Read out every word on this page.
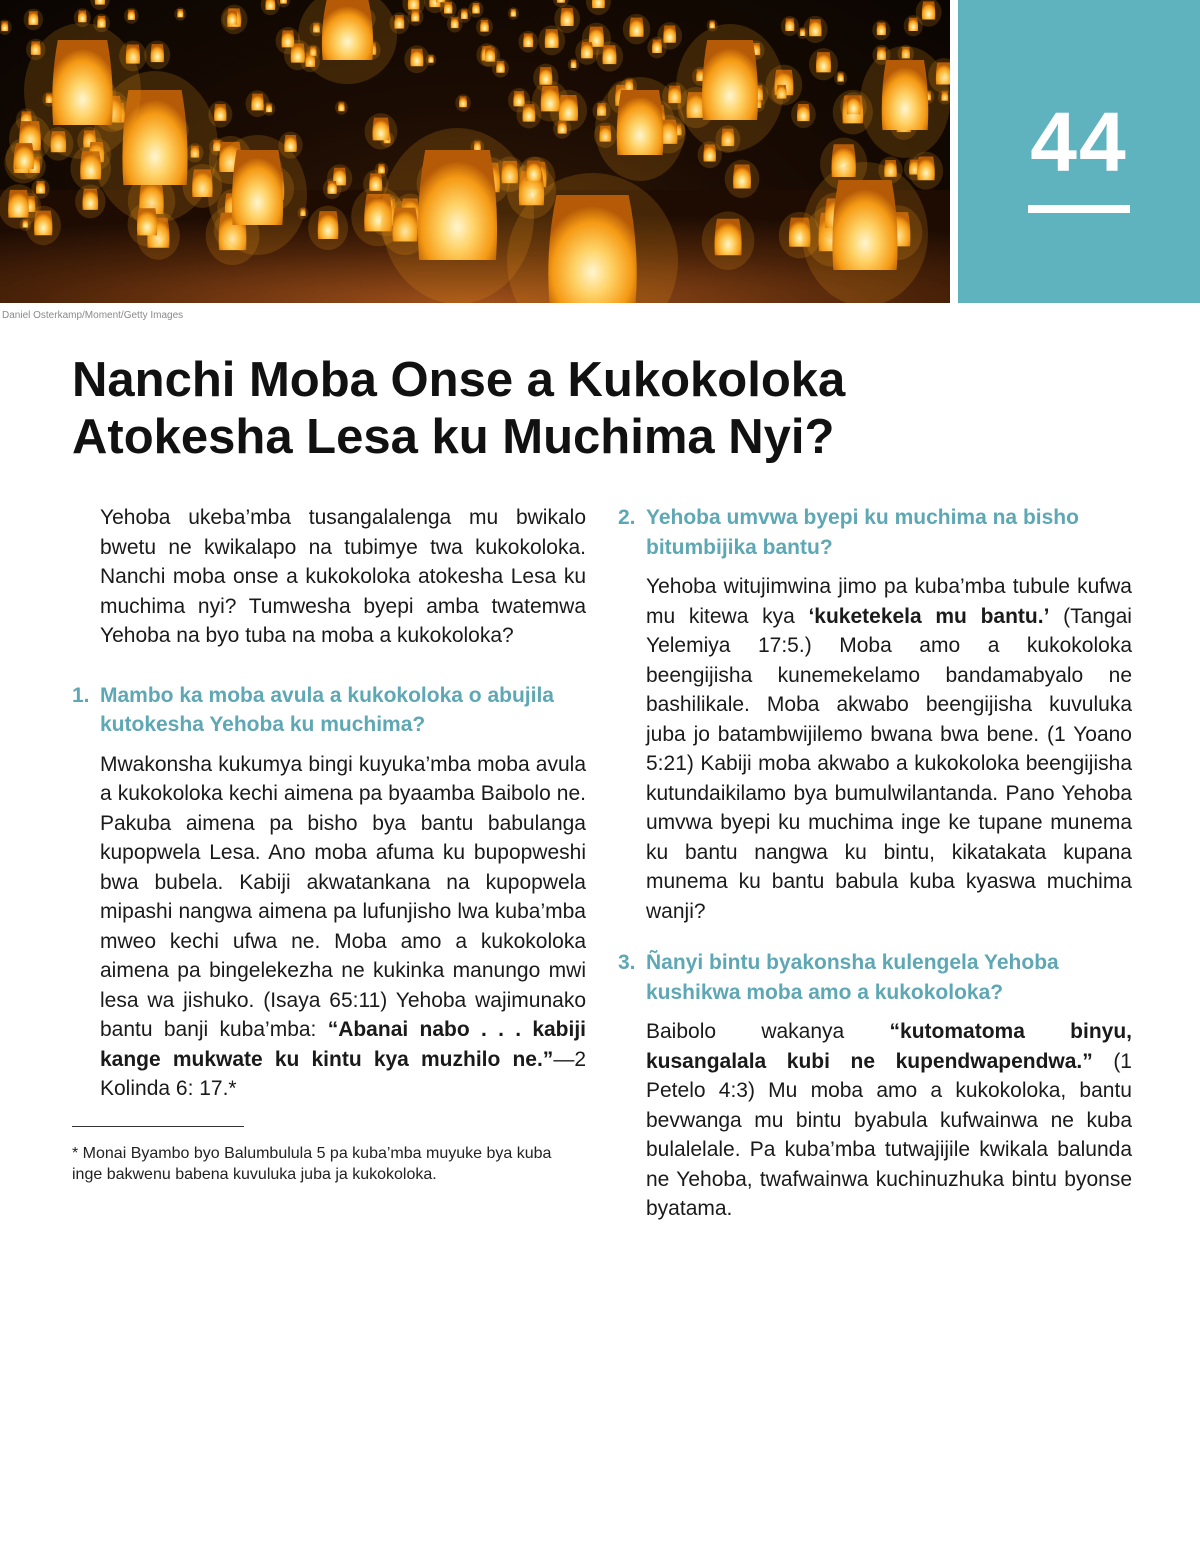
44
Daniel Osterkamp/Moment/Getty Images
Nanchi Moba Onse a Kukokoloka Atokesha Lesa ku Muchima Nyi?

Yehoba ukeba’mba tusangalalenga mu bwikalo bwetu ne kwikalapo na tubimye twa kukokoloka. Nanchi moba onse a kukokoloka atokesha Lesa ku muchima nyi? Tumwesha byepi amba twatemwa Yehoba na byo tuba na moba a kukokoloka?

1. Mambo ka moba avula a kukokoloka o abujila kutokesha Yehoba ku muchima?

Mwakonsha kukumya bingi kuyuka’mba moba avula a kukokoloka kechi aimena pa byaamba Baibolo ne. Pakuba aimena pa bisho bya bantu babulanga kupopwela Lesa. Ano moba afuma ku bupopweshi bwa bubela. Kabiji akwatankana na kupopwela mipashi nangwa aimena pa lufunjisho lwa kuba’mba mweo kechi ufwa ne. Moba amo a kukokoloka aimena pa bingelekezha ne kukinka manungo mwi lesa wa jishuko. (Isaya 65:11) Yehoba wajimunako bantu banji kuba’mba: “Abanai nabo . . . kabiji kange mukwate ku kintu kya muzhilo ne.”—2 Kolinda 6: 17.*

* Monai Byambo byo Balumbulula 5 pa kuba’mba muyuke bya kuba inge bakwenu babena kuvuluka juba ja kukokoloka.
2. Yehoba umvwa byepi ku muchima na bisho bitumbijika bantu?

Yehoba witujimwina jimo pa kuba’mba tubule kufwa mu kitewa kya ‘kuketekela mu bantu.’ (Tangai Yelemiya 17:5.) Moba amo a kukokoloka beengijisha kunemekelamo bandamabyalo ne bashilikale. Moba akwabo beengijisha kuvuluka juba jo batambwijilemo bwana bwa bene. (1 Yoano 5:21) Kabiji moba akwabo a kukokoloka beengijisha kutundaikilamo bya bumulwilantanda. Pano Yehoba umvwa byepi ku muchima inge ke tupane munema ku bantu nangwa ku bintu, kikatakata kupana munema ku bantu babula kuba kyaswa muchima wanji?

3. Ñanyi bintu byakonsha kulengela Yehoba kushikwa moba amo a kukokoloka?

Baibolo wakanya “kutomatoma binyu, kusangalala kubi ne kupendwapendwa.” (1 Petelo 4:3) Mu moba amo a kukokoloka, bantu bevwanga mu bintu byabula kufwainwa ne kuba bulalelale. Pa kuba’mba tutwajijile kwikala balunda ne Yehoba, twafwainwa kuchinuzhuka bintu byonse byatama.
